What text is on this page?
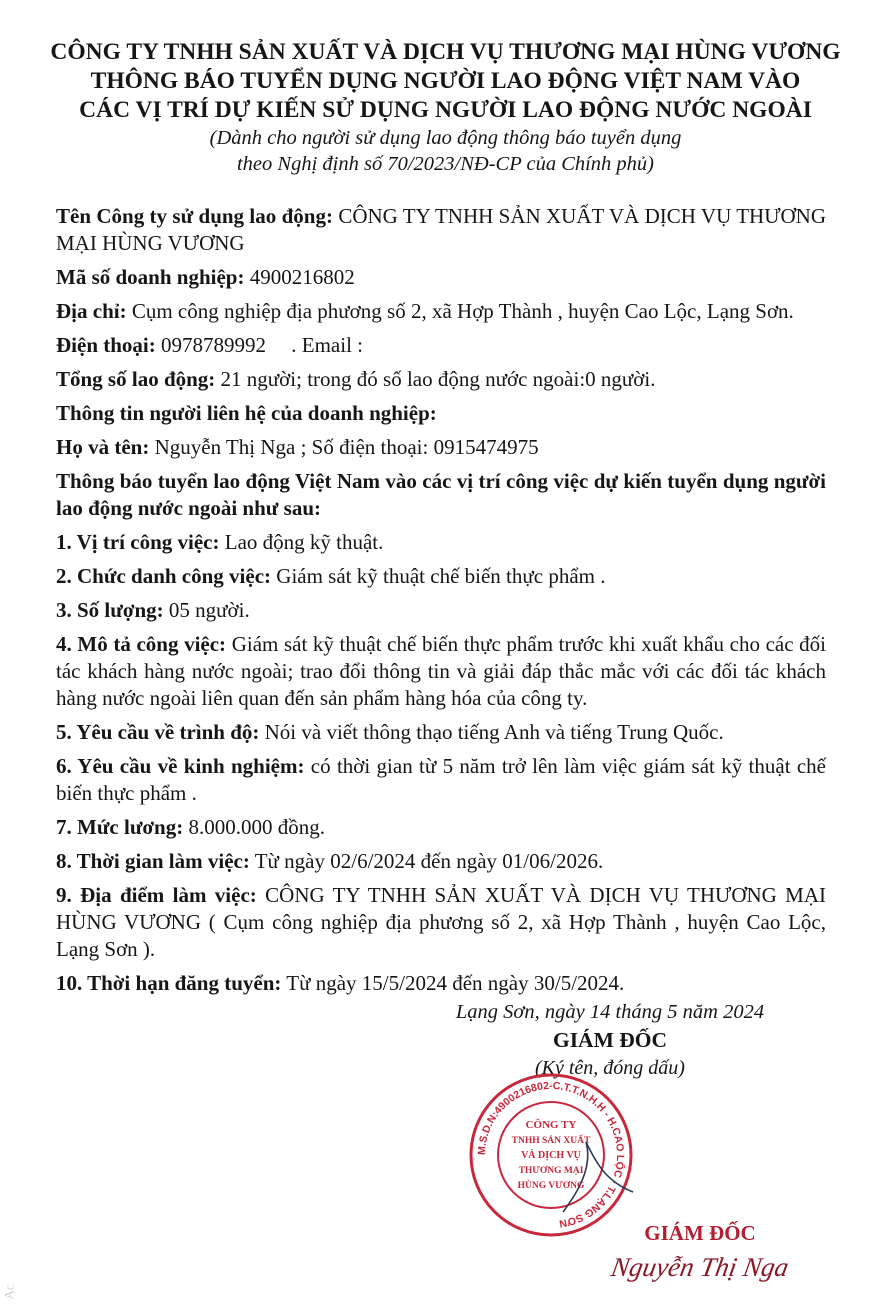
CÔNG TY TNHH SẢN XUẤT VÀ DỊCH VỤ THƯƠNG MẠI HÙNG VƯƠNG
THÔNG BÁO TUYỂN DỤNG NGƯỜI LAO ĐỘNG VIỆT NAM VÀO
CÁC VỊ TRÍ DỰ KIẾN SỬ DỤNG NGƯỜI LAO ĐỘNG NƯỚC NGOÀI
(Dành cho người sử dụng lao động thông báo tuyển dụng
theo Nghị định số 70/2023/NĐ-CP của Chính phủ)

Tên Công ty sử dụng lao động: CÔNG TY TNHH SẢN XUẤT VÀ DỊCH VỤ THƯƠNG MẠI HÙNG VƯƠNG

Mã số doanh nghiệp: 4900216802

Địa chỉ: Cụm công nghiệp địa phương số 2, xã Hợp Thành , huyện Cao Lộc, Lạng Sơn.

Điện thoại: 0978789992 . Email :

Tổng số lao động: 21 người; trong đó số lao động nước ngoài:0 người.

Thông tin người liên hệ của doanh nghiệp:

Họ và tên: Nguyễn Thị Nga ; Số điện thoại: 0915474975

Thông báo tuyển lao động Việt Nam vào các vị trí công việc dự kiến tuyển dụng người lao động nước ngoài như sau:

1. Vị trí công việc: Lao động kỹ thuật.

2. Chức danh công việc: Giám sát kỹ thuật chế biến thực phẩm .

3. Số lượng: 05 người.

4. Mô tả công việc: Giám sát kỹ thuật chế biến thực phẩm trước khi xuất khẩu cho các đối tác khách hàng nước ngoài; trao đổi thông tin và giải đáp thắc mắc với các đối tác khách hàng nước ngoài liên quan đến sản phẩm hàng hóa của công ty.

5. Yêu cầu về trình độ: Nói và viết thông thạo tiếng Anh và tiếng Trung Quốc.

6. Yêu cầu về kinh nghiệm: có thời gian từ 5 năm trở lên làm việc giám sát kỹ thuật chế biến thực phẩm .

7. Mức lương: 8.000.000 đồng.

8. Thời gian làm việc: Từ ngày 02/6/2024 đến ngày 01/06/2026.

9. Địa điểm làm việc: CÔNG TY TNHH SẢN XUẤT VÀ DỊCH VỤ THƯƠNG MẠI HÙNG VƯƠNG ( Cụm công nghiệp địa phương số 2, xã Hợp Thành , huyện Cao Lộc, Lạng Sơn ).

10. Thời hạn đăng tuyển: Từ ngày 15/5/2024 đến ngày 30/5/2024.

Lạng Sơn, ngày 14 tháng 5 năm 2024
GIÁM ĐỐC
(Ký tên, đóng dấu)
M.S.D.N:4900216802-C.T.T.N.H.H - H.CAO LỘC - T.LẠNG SƠN
CÔNG TY
TNHH SẢN XUẤT
VÀ DỊCH VỤ
THƯƠNG MẠI
HÙNG VƯƠNG
GIÁM ĐỐC
Nguyễn Thị Nga
Ac
